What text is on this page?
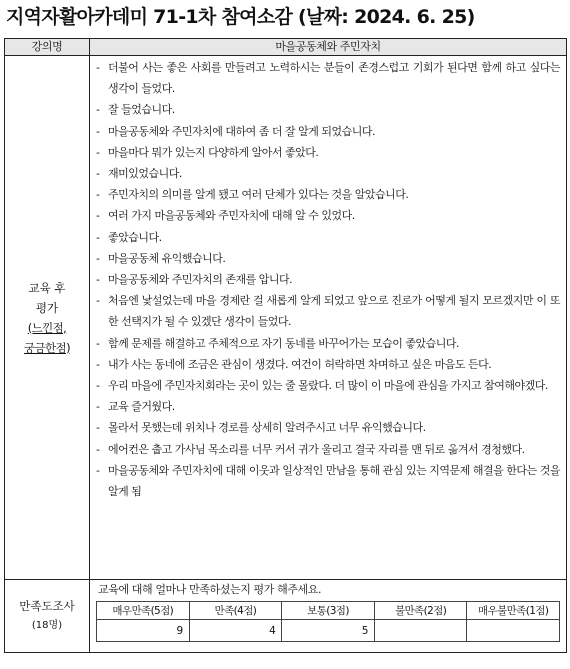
지역자활아카데미 71-1차 참여소감 (날짜: 2024. 6. 25)
강의명	마을공동체와 주민자치

교육 후
평가
(느낀점,
궁금한점)

- 더불어 사는 좋은 사회를 만들려고 노력하시는 분들이 존경스럽고 기회가 된다면 함께 하고 싶다는 생각이 들었다.
- 잘 들었습니다.
- 마을공동체와 주민자치에 대하여 좀 더 잘 알게 되었습니다.
- 마을마다 뭐가 있는지 다양하게 알아서 좋았다.
- 재미있었습니다.
- 주민자치의 의미를 알게 됐고 여러 단체가 있다는 것을 알았습니다.
- 여러 가지 마을공동체와 주민자치에 대해 알 수 있었다.
- 좋았습니다.
- 마을공동체 유익했습니다.
- 마을공동체와 주민자치의 존재를 압니다.
- 처음엔 낯설었는데 마을 경제란 걸 새롭게 알게 되었고 앞으로 진로가 어떻게 될지 모르겠지만 이 또한 선택지가 될 수 있겠단 생각이 들었다.
- 함께 문제를 해결하고 주체적으로 자기 동네를 바꾸어가는 모습이 좋았습니다.
- 내가 사는 동네에 조금은 관심이 생겼다. 여건이 허락하면 차며하고 싶은 마음도 든다.
- 우리 마을에 주민자치회라는 곳이 있는 줄 몰랐다. 더 많이 이 마을에 관심을 가지고 참여해야겠다.
- 교육 즐거웠다.
- 몰라서 못했는데 위치나 경로를 상세히 알려주시고 너무 유익했습니다.
- 에어컨은 춥고 가사님 목소리를 너무 커서 귀가 울리고 결국 자리를 맨 뒤로 옮겨서 경청했다.
- 마을공동체와 주민자치에 대해 이웃과 일상적인 만남을 통해 관심 있는 지역문제 해결을 한다는 것을 알게 됨

만족도조사
(18명)

교육에 대해 얼마나 만족하셨는지 평가 해주세요.
매우만족(5점)	만족(4점)	보통(3점)	불만족(2점)	매우불만족(1점)
9	4	5		
